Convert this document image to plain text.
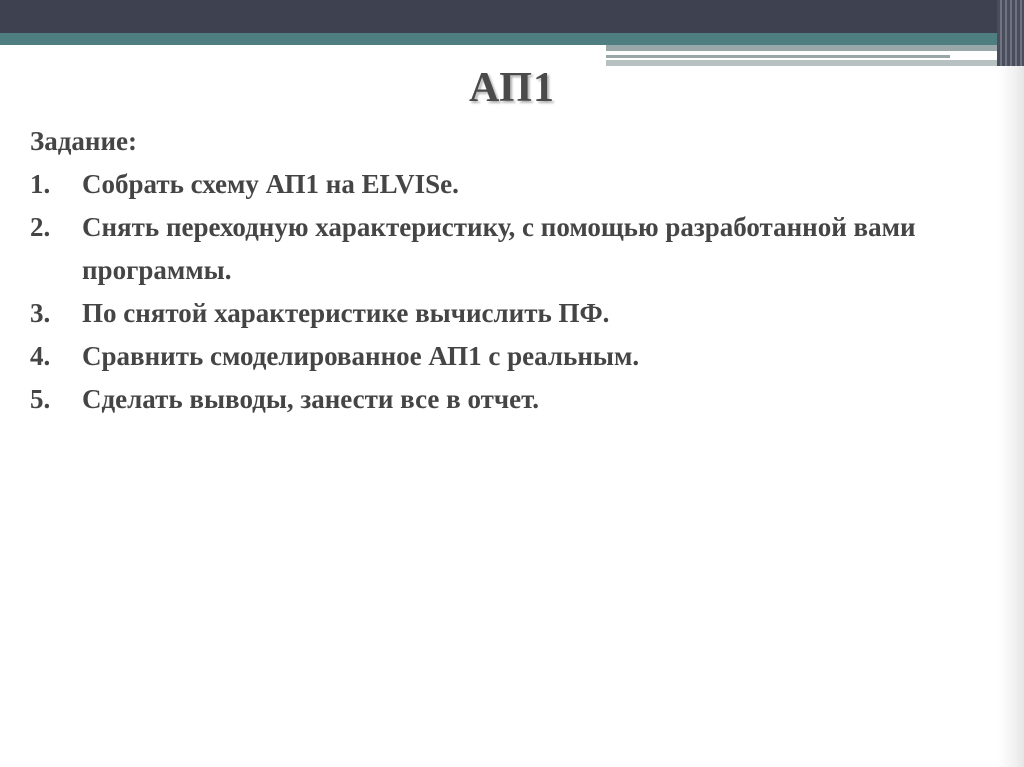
АП1
Задание:
1. Собрать схему АП1 на ELVISe.
2. Снять переходную характеристику, с помощью разработанной вами программы.
3. По снятой характеристике вычислить ПФ.
4. Сравнить смоделированное АП1 с реальным.
5. Сделать выводы, занести все в отчет.
